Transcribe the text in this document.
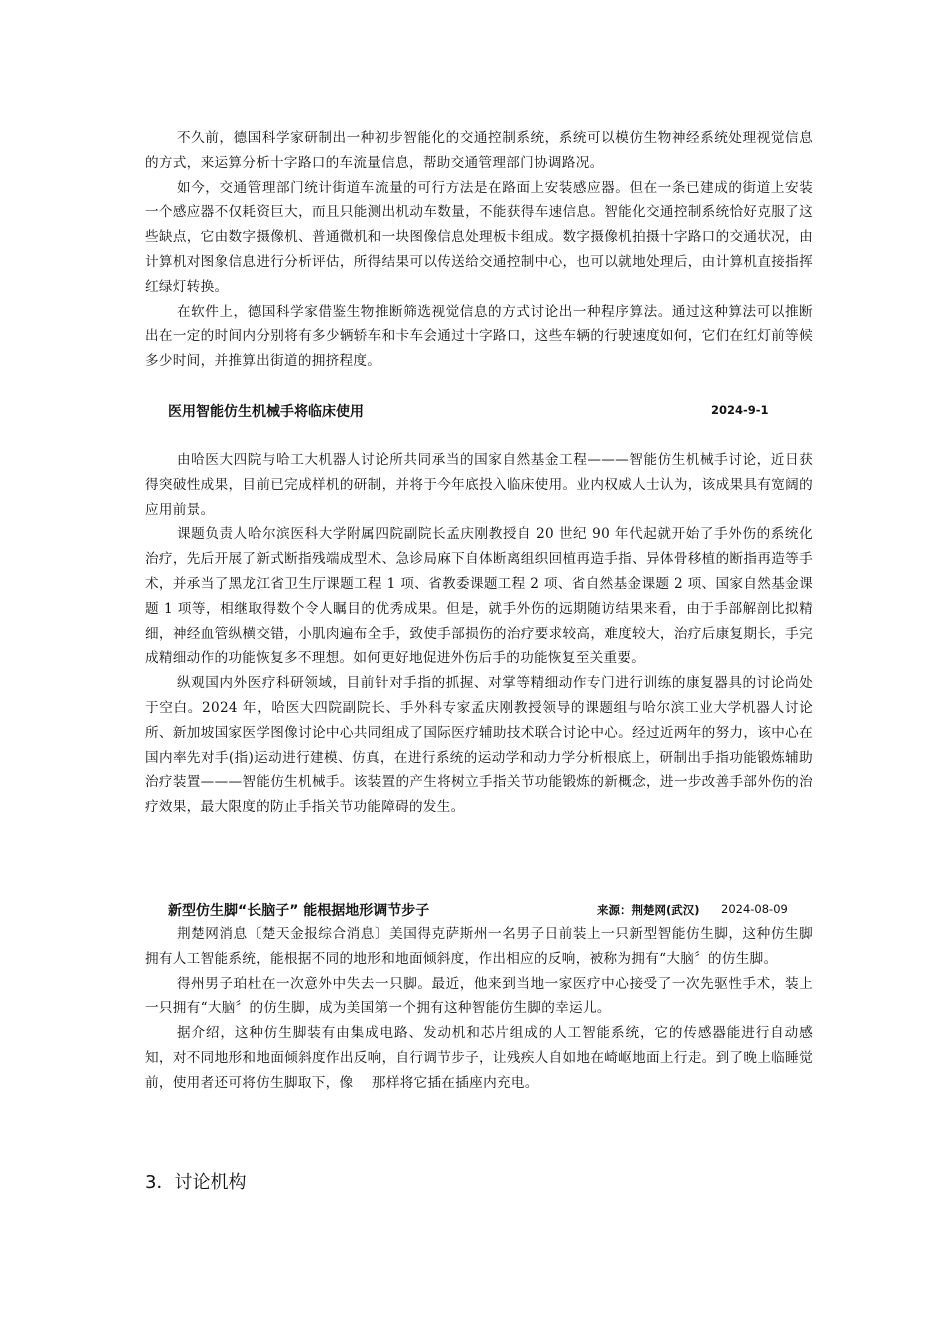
不久前，德国科学家研制出一种初步智能化的交通控制系统，系统可以模仿生物神经系统处理视觉信息的方式，来运算分析十字路口的车流量信息，帮助交通管理部门协调路况。

如今，交通管理部门统计街道车流量的可行方法是在路面上安装感应器。但在一条已建成的街道上安装一个感应器不仅耗资巨大，而且只能测出机动车数量，不能获得车速信息。智能化交通控制系统恰好克服了这些缺点，它由数字摄像机、普通微机和一块图像信息处理板卡组成。数字摄像机拍摄十字路口的交通状况，由计算机对图象信息进行分析评估，所得结果可以传送给交通控制中心，也可以就地处理后，由计算机直接指挥红绿灯转换。

在软件上，德国科学家借鉴生物推断筛选视觉信息的方式讨论出一种程序算法。通过这种算法可以推断出在一定的时间内分别将有多少辆轿车和卡车会通过十字路口，这些车辆的行驶速度如何，它们在红灯前等候多少时间，并推算出街道的拥挤程度。

医用智能仿生机械手将临床使用	2024-9-1

由哈医大四院与哈工大机器人讨论所共同承当的国家自然基金工程———智能仿生机械手讨论，近日获得突破性成果，目前已完成样机的研制，并将于今年底投入临床使用。业内权威人士认为，该成果具有宽阔的应用前景。

课题负责人哈尔滨医科大学附属四院副院长孟庆刚教授自 20 世纪 90 年代起就开始了手外伤的系统化治疗，先后开展了新式断指残端成型术、急诊局麻下自体断离组织回植再造手指、异体骨移植的断指再造等手术，并承当了黑龙江省卫生厅课题工程 1 项、省教委课题工程 2 项、省自然基金课题 2 项、国家自然基金课题 1 项等，相继取得数个令人瞩目的优秀成果。但是，就手外伤的远期随访结果来看，由于手部解剖比拟精细，神经血管纵横交错，小肌肉遍布全手，致使手部损伤的治疗要求较高，难度较大，治疗后康复期长，手完成精细动作的功能恢复多不理想。如何更好地促进外伤后手的功能恢复至关重要。

纵观国内外医疗科研领域，目前针对手指的抓握、对掌等精细动作专门进行训练的康复器具的讨论尚处于空白。2024 年，哈医大四院副院长、手外科专家孟庆刚教授领导的课题组与哈尔滨工业大学机器人讨论所、新加坡国家医学图像讨论中心共同组成了国际医疗辅助技术联合讨论中心。经过近两年的努力，该中心在国内率先对手(指)运动进行建模、仿真，在进行系统的运动学和动力学分析根底上，研制出手指功能锻炼辅助治疗装置———智能仿生机械手。该装置的产生将树立手指关节功能锻炼的新概念，进一步改善手部外伤的治疗效果，最大限度的防止手指关节功能障碍的发生。

新型仿生脚“长脑子” 能根据地形调节步子	来源：荆楚网(武汉) 2024-08-09

荆楚网消息〔楚天金报综合消息〕美国得克萨斯州一名男子日前装上一只新型智能仿生脚，这种仿生脚拥有人工智能系统，能根据不同的地形和地面倾斜度，作出相应的反响，被称为拥有“大脑〞的仿生脚。

得州男子珀杜在一次意外中失去一只脚。最近，他来到当地一家医疗中心接受了一次先驱性手术，装上一只拥有“大脑〞的仿生脚，成为美国第一个拥有这种智能仿生脚的幸运儿。

据介绍，这种仿生脚装有由集成电路、发动机和芯片组成的人工智能系统，它的传感器能进行自动感知，对不同地形和地面倾斜度作出反响，自行调节步子，让残疾人自如地在崎岖地面上行走。到了晚上临睡觉前，使用者还可将仿生脚取下，像　 那样将它插在插座内充电。

3．讨论机构
